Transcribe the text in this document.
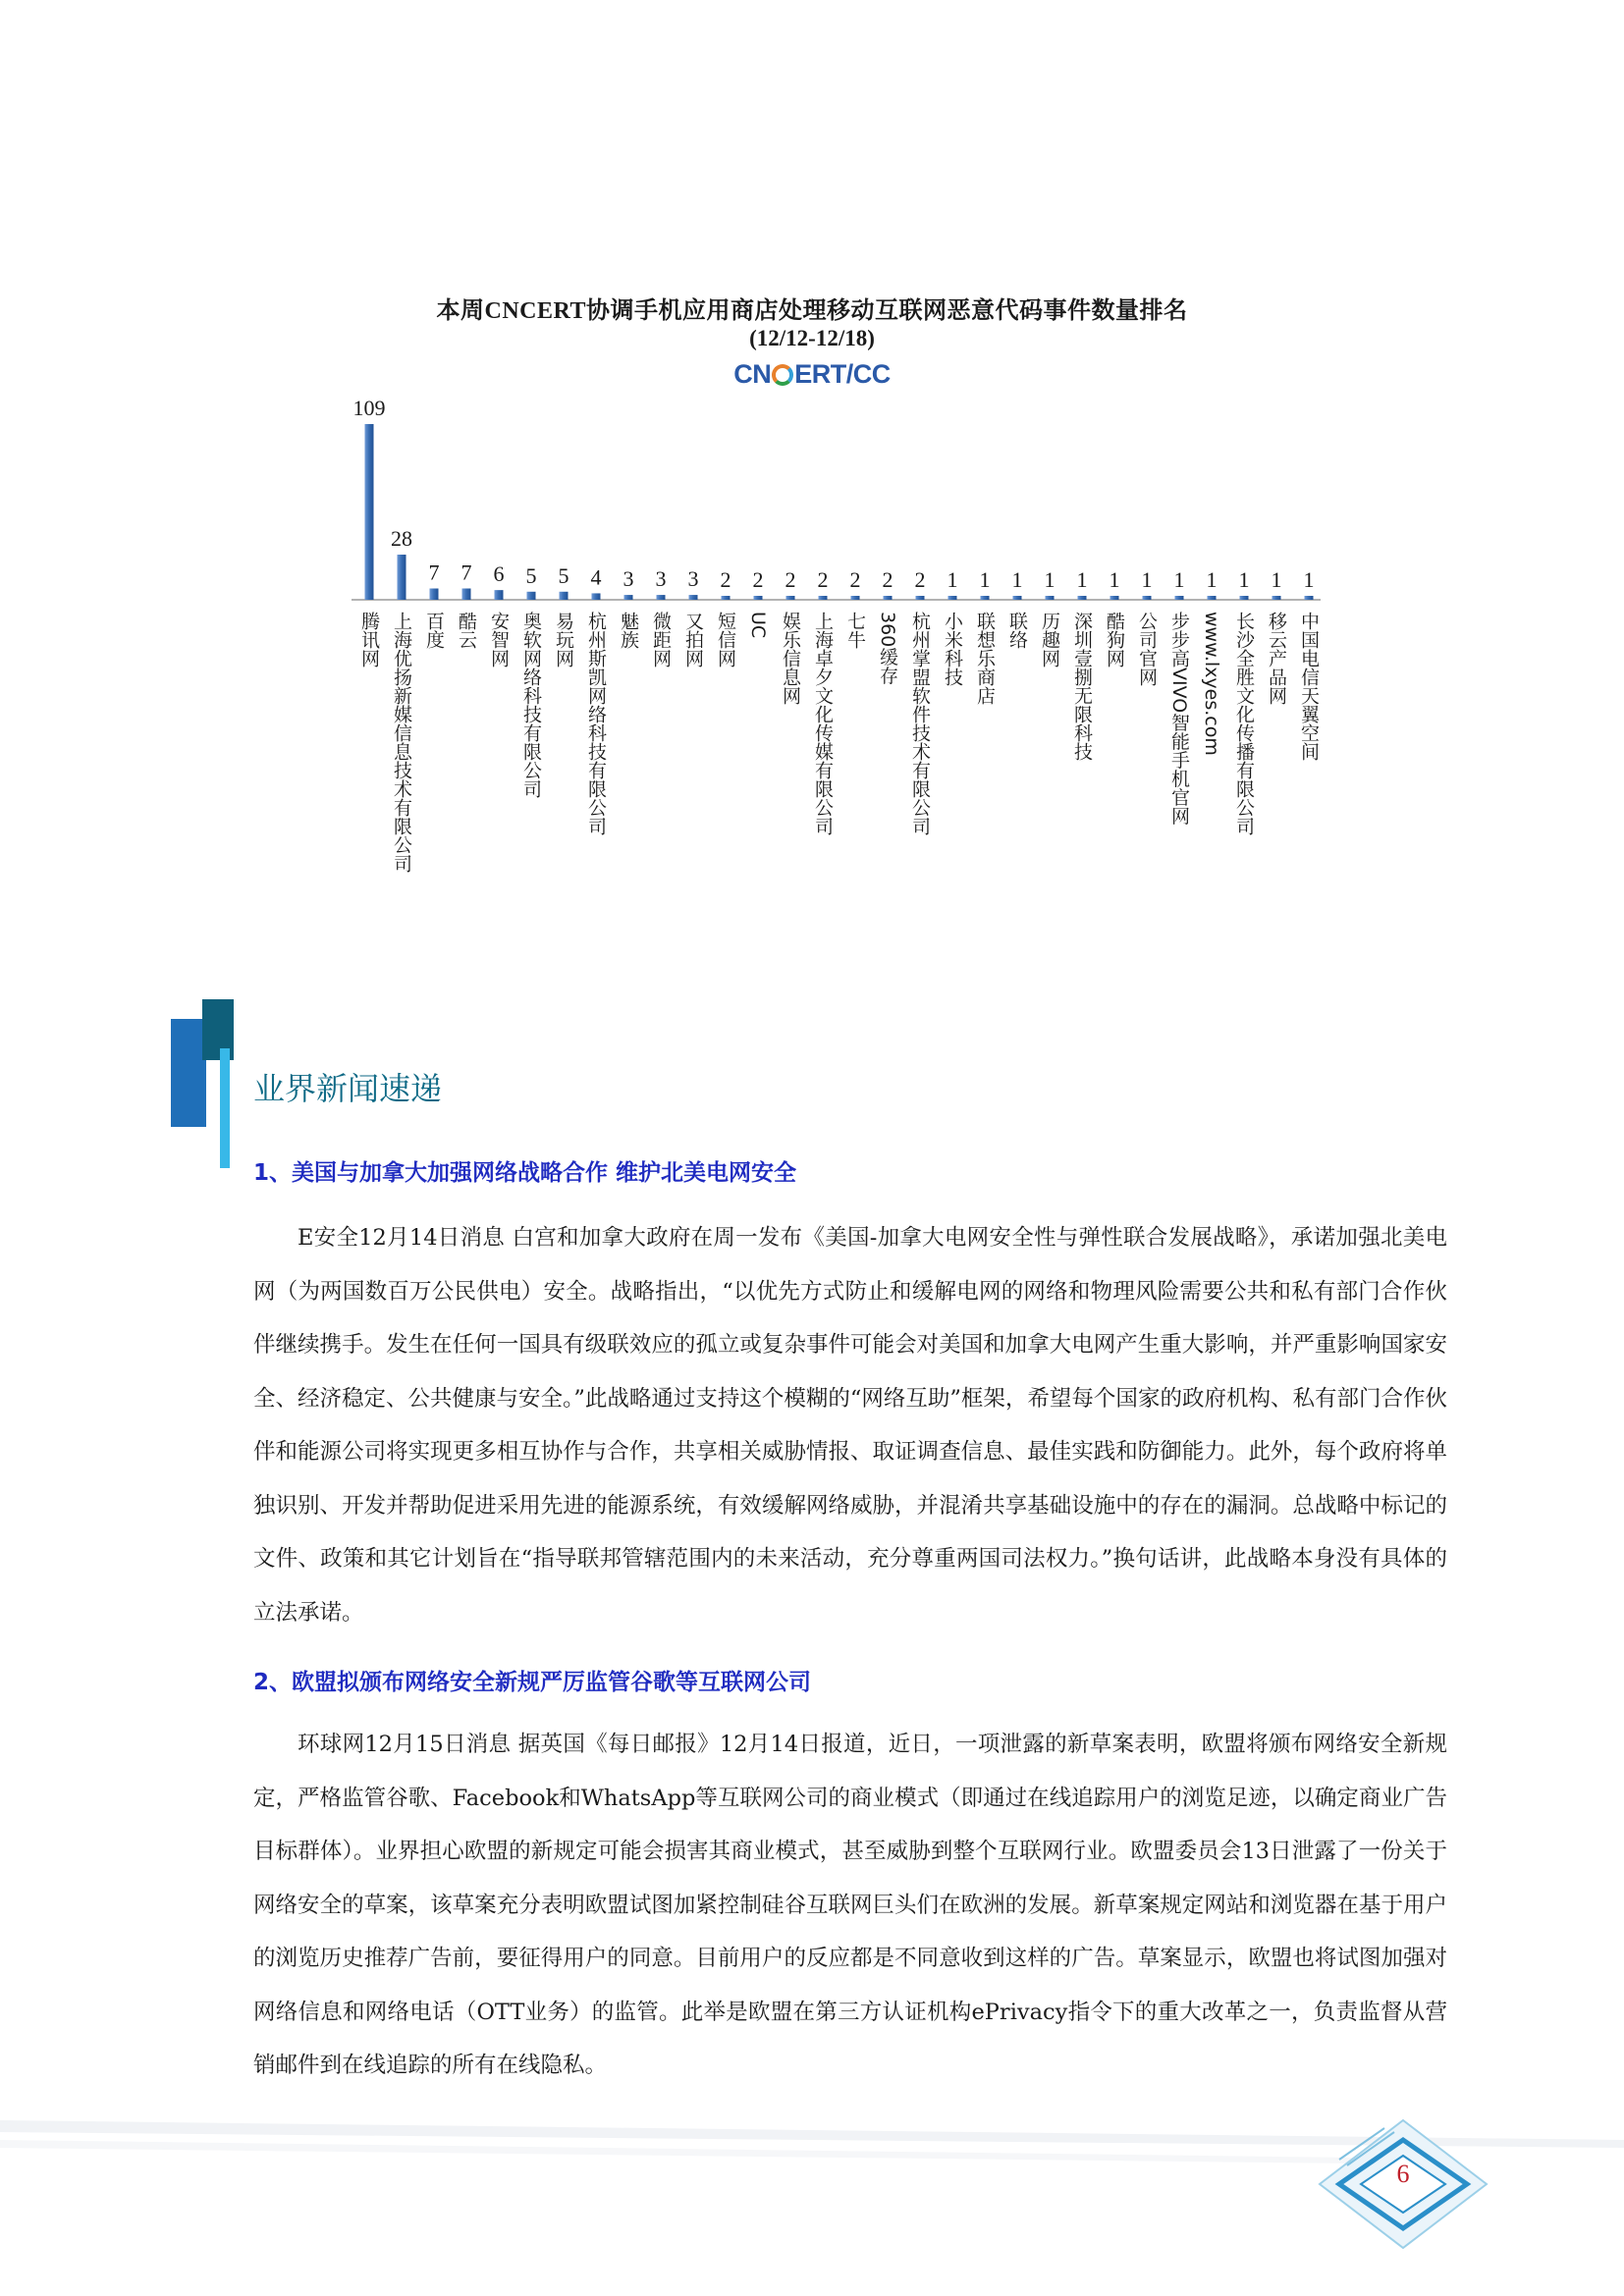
本周CNCERT协调手机应用商店处理移动互联网恶意代码事件数量排名
(12/12-12/18)
CN ERT/CC
109
28
7 7 6 5 5 4 3 3 3 2 2 2 2 2 2 2 1 1 1 1 1 1 1 1 1 1 1 1
腾讯网 上海优扬新媒信息技术有限公司 百度 酷云 安智网 奥软网络科技有限公司 易玩网 杭州斯凯网络科技有限公司 魅族 微距网 又拍网 短信网 UC 娱乐信息网 上海卓夕文化传媒有限公司 七牛 360缓存 杭州掌盟软件技术有限公司 小米科技 联想乐商店 联络 历趣网 深圳壹捌无限科技 酷狗网 公司官网 步步高VIVO智能手机官网 www.lxyes.com 长沙全胜文化传播有限公司 移云产品网 中国电信天翼空间
业界新闻速递
1、美国与加拿大加强网络战略合作 维护北美电网安全

E安全12月14日消息 白宫和加拿大政府在周一发布《美国-加拿大电网安全性与弹性联合发展战略》，承诺加强北美电网（为两国数百万公民供电）安全。战略指出，“以优先方式防止和缓解电网的网络和物理风险需要公共和私有部门合作伙伴继续携手。发生在任何一国具有级联效应的孤立或复杂事件可能会对美国和加拿大电网产生重大影响，并严重影响国家安全、经济稳定、公共健康与安全。”此战略通过支持这个模糊的“网络互助”框架，希望每个国家的政府机构、私有部门合作伙伴和能源公司将实现更多相互协作与合作，共享相关威胁情报、取证调查信息、最佳实践和防御能力。此外，每个政府将单独识别、开发并帮助促进采用先进的能源系统，有效缓解网络威胁，并混淆共享基础设施中的存在的漏洞。总战略中标记的文件、政策和其它计划旨在“指导联邦管辖范围内的未来活动，充分尊重两国司法权力。”换句话讲，此战略本身没有具体的立法承诺。

2、欧盟拟颁布网络安全新规严厉监管谷歌等互联网公司

环球网12月15日消息 据英国《每日邮报》12月14日报道，近日，一项泄露的新草案表明，欧盟将颁布网络安全新规定，严格监管谷歌、Facebook和WhatsApp等互联网公司的商业模式（即通过在线追踪用户的浏览足迹，以确定商业广告目标群体）。业界担心欧盟的新规定可能会损害其商业模式，甚至威胁到整个互联网行业。欧盟委员会13日泄露了一份关于网络安全的草案，该草案充分表明欧盟试图加紧控制硅谷互联网巨头们在欧洲的发展。新草案规定网站和浏览器在基于用户的浏览历史推荐广告前，要征得用户的同意。目前用户的反应都是不同意收到这样的广告。草案显示，欧盟也将试图加强对网络信息和网络电话（OTT业务）的监管。此举是欧盟在第三方认证机构ePrivacy指令下的重大改革之一，负责监督从营销邮件到在线追踪的所有在线隐私。

6
